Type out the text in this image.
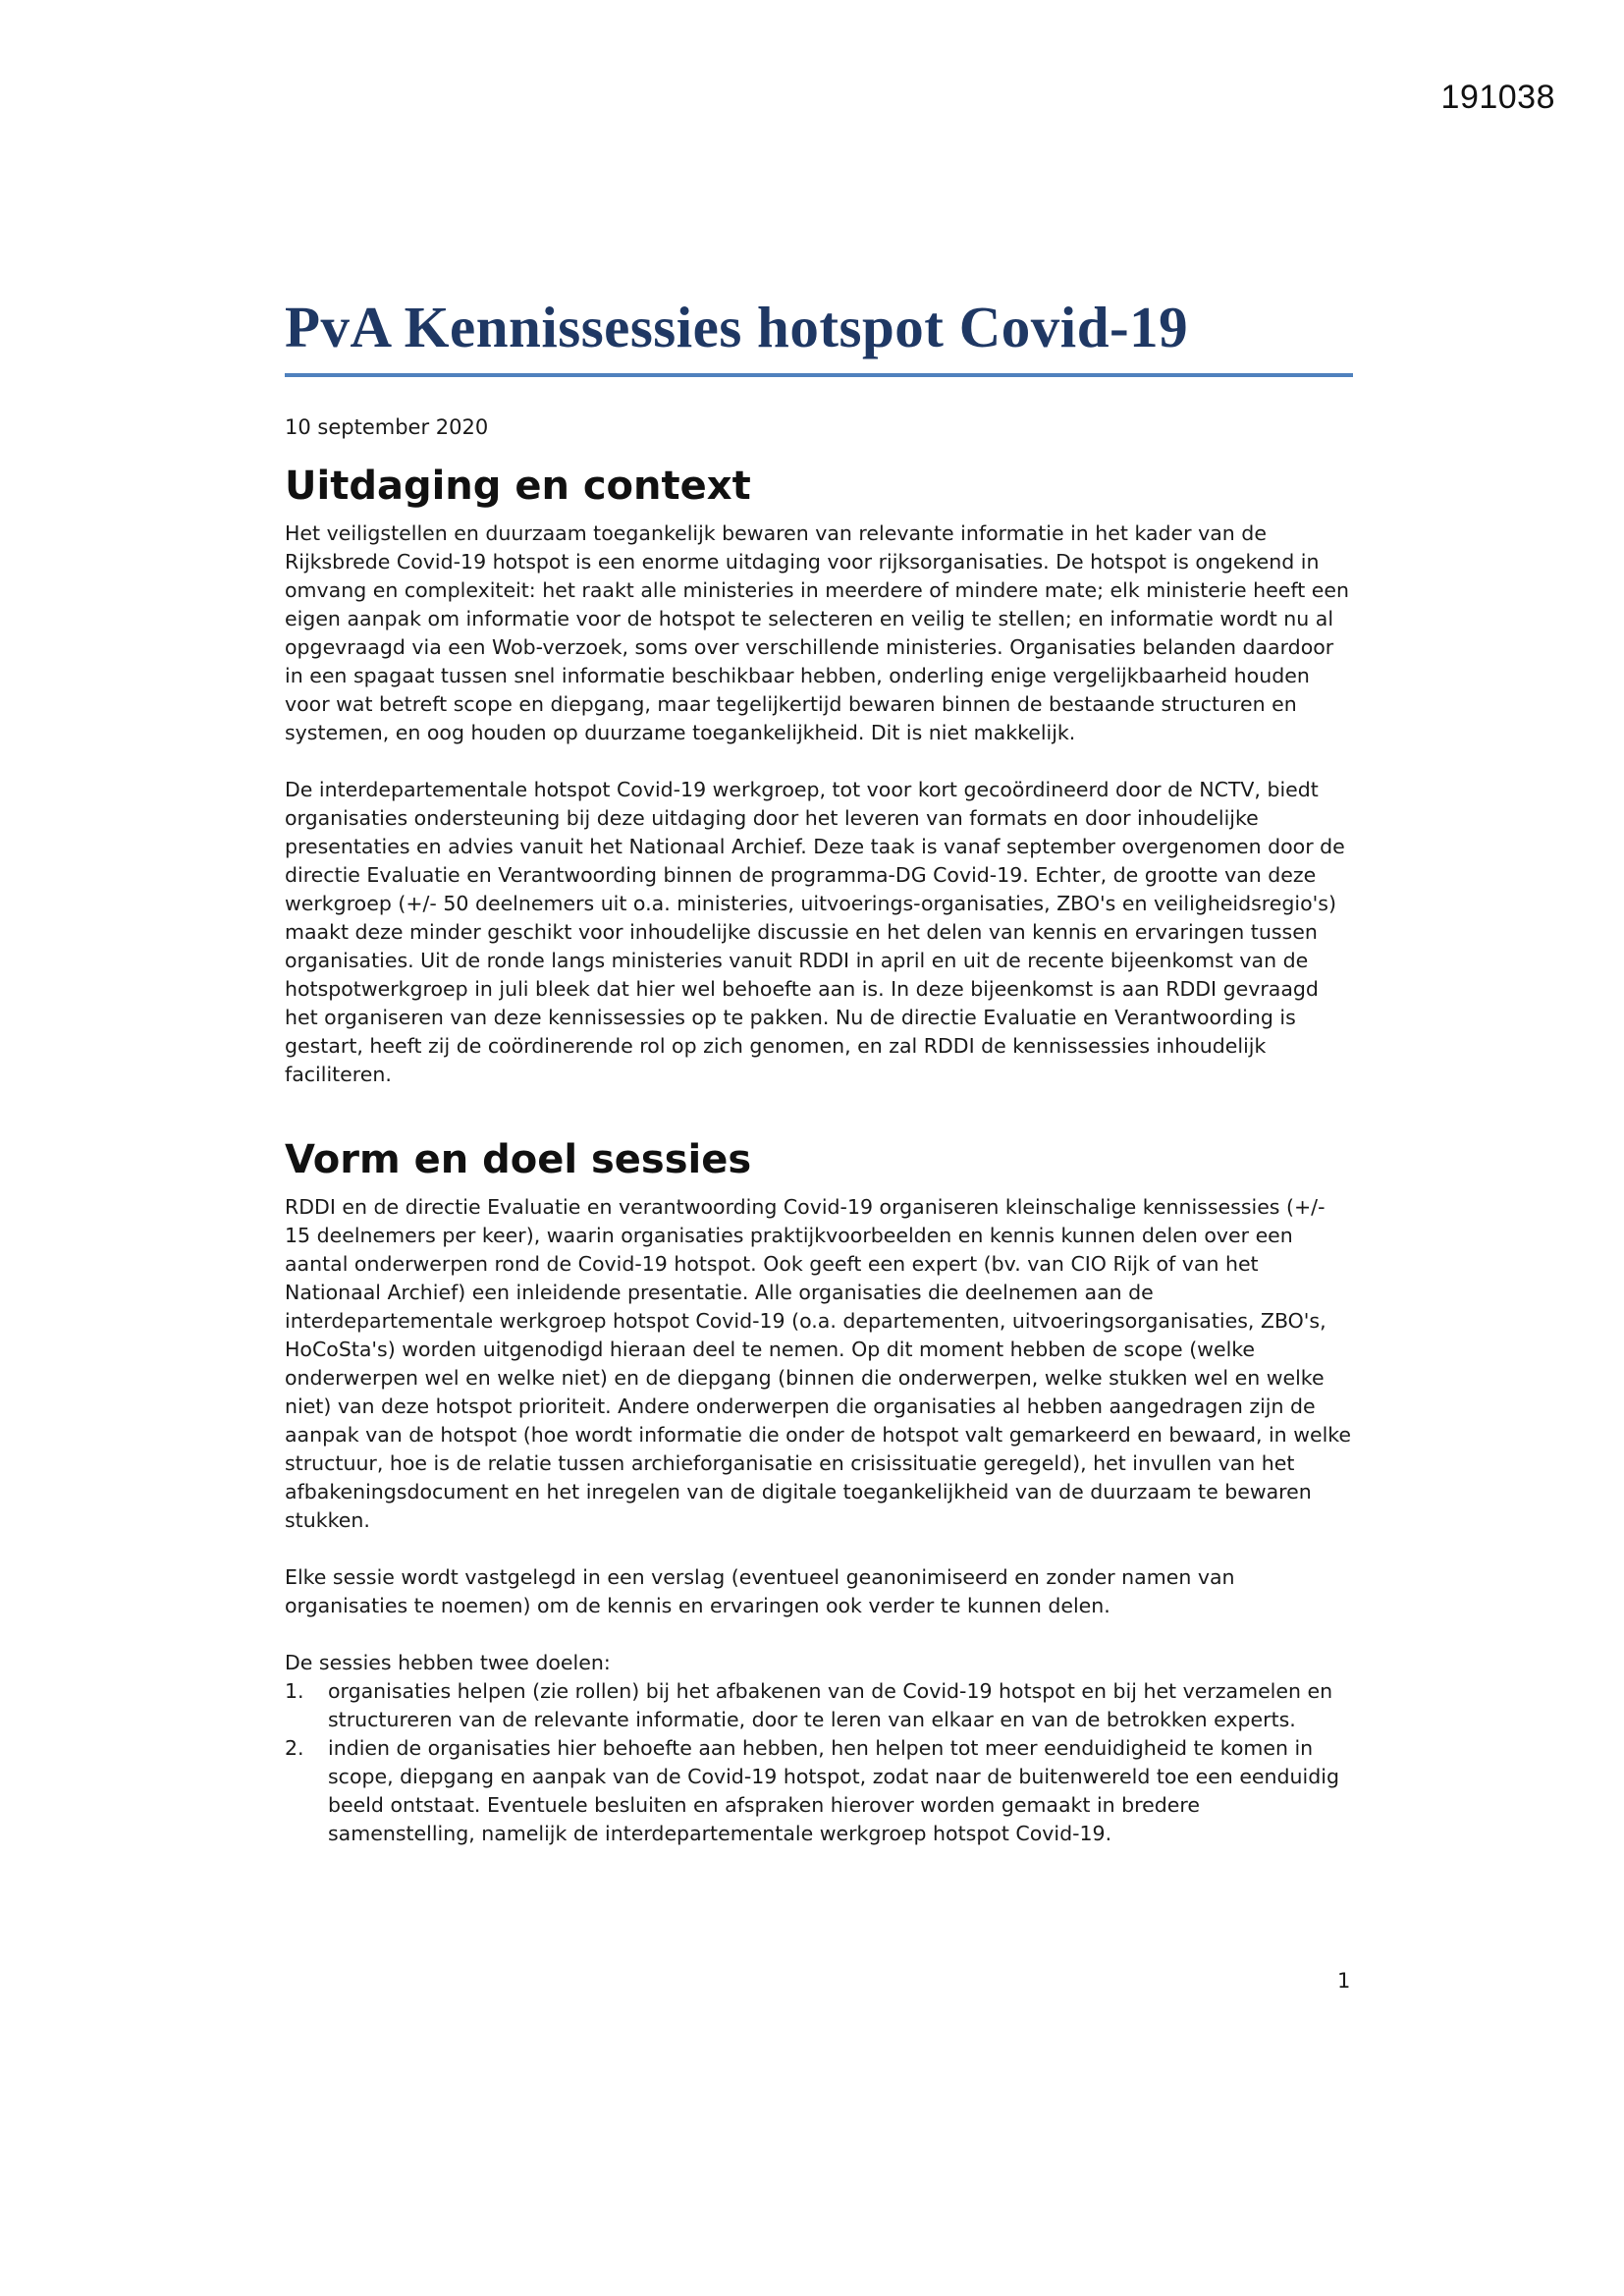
191038
PvA Kennissessies hotspot Covid-19

10 september 2020

Uitdaging en context

Het veiligstellen en duurzaam toegankelijk bewaren van relevante informatie in het kader van de Rijksbrede Covid-19 hotspot is een enorme uitdaging voor rijksorganisaties. De hotspot is ongekend in omvang en complexiteit: het raakt alle ministeries in meerdere of mindere mate; elk ministerie heeft een eigen aanpak om informatie voor de hotspot te selecteren en veilig te stellen; en informatie wordt nu al opgevraagd via een Wob-verzoek, soms over verschillende ministeries. Organisaties belanden daardoor in een spagaat tussen snel informatie beschikbaar hebben, onderling enige vergelijkbaarheid houden voor wat betreft scope en diepgang, maar tegelijkertijd bewaren binnen de bestaande structuren en systemen, en oog houden op duurzame toegankelijkheid. Dit is niet makkelijk.

De interdepartementale hotspot Covid-19 werkgroep, tot voor kort gecoördineerd door de NCTV, biedt organisaties ondersteuning bij deze uitdaging door het leveren van formats en door inhoudelijke presentaties en advies vanuit het Nationaal Archief. Deze taak is vanaf september overgenomen door de directie Evaluatie en Verantwoording binnen de programma-DG Covid-19. Echter, de grootte van deze werkgroep (+/- 50 deelnemers uit o.a. ministeries, uitvoerings-organisaties, ZBO's en veiligheidsregio's) maakt deze minder geschikt voor inhoudelijke discussie en het delen van kennis en ervaringen tussen organisaties. Uit de ronde langs ministeries vanuit RDDI in april en uit de recente bijeenkomst van de hotspotwerkgroep in juli bleek dat hier wel behoefte aan is. In deze bijeenkomst is aan RDDI gevraagd het organiseren van deze kennissessies op te pakken. Nu de directie Evaluatie en Verantwoording is gestart, heeft zij de coördinerende rol op zich genomen, en zal RDDI de kennissessies inhoudelijk faciliteren.

Vorm en doel sessies

RDDI en de directie Evaluatie en verantwoording Covid-19 organiseren kleinschalige kennissessies (+/- 15 deelnemers per keer), waarin organisaties praktijkvoorbeelden en kennis kunnen delen over een aantal onderwerpen rond de Covid-19 hotspot. Ook geeft een expert (bv. van CIO Rijk of van het Nationaal Archief) een inleidende presentatie. Alle organisaties die deelnemen aan de interdepartementale werkgroep hotspot Covid-19 (o.a. departementen, uitvoeringsorganisaties, ZBO's, HoCoSta's) worden uitgenodigd hieraan deel te nemen. Op dit moment hebben de scope (welke onderwerpen wel en welke niet) en de diepgang (binnen die onderwerpen, welke stukken wel en welke niet) van deze hotspot prioriteit. Andere onderwerpen die organisaties al hebben aangedragen zijn de aanpak van de hotspot (hoe wordt informatie die onder de hotspot valt gemarkeerd en bewaard, in welke structuur, hoe is de relatie tussen archieforganisatie en crisissituatie geregeld), het invullen van het afbakeningsdocument en het inregelen van de digitale toegankelijkheid van de duurzaam te bewaren stukken.

Elke sessie wordt vastgelegd in een verslag (eventueel geanonimiseerd en zonder namen van organisaties te noemen) om de kennis en ervaringen ook verder te kunnen delen.

De sessies hebben twee doelen:

1.	organisaties helpen (zie rollen) bij het afbakenen van de Covid-19 hotspot en bij het verzamelen en structureren van de relevante informatie, door te leren van elkaar en van de betrokken experts.
2.	indien de organisaties hier behoefte aan hebben, hen helpen tot meer eenduidigheid te komen in scope, diepgang en aanpak van de Covid-19 hotspot, zodat naar de buitenwereld toe een eenduidig beeld ontstaat. Eventuele besluiten en afspraken hierover worden gemaakt in bredere samenstelling, namelijk de interdepartementale werkgroep hotspot Covid-19.
1
